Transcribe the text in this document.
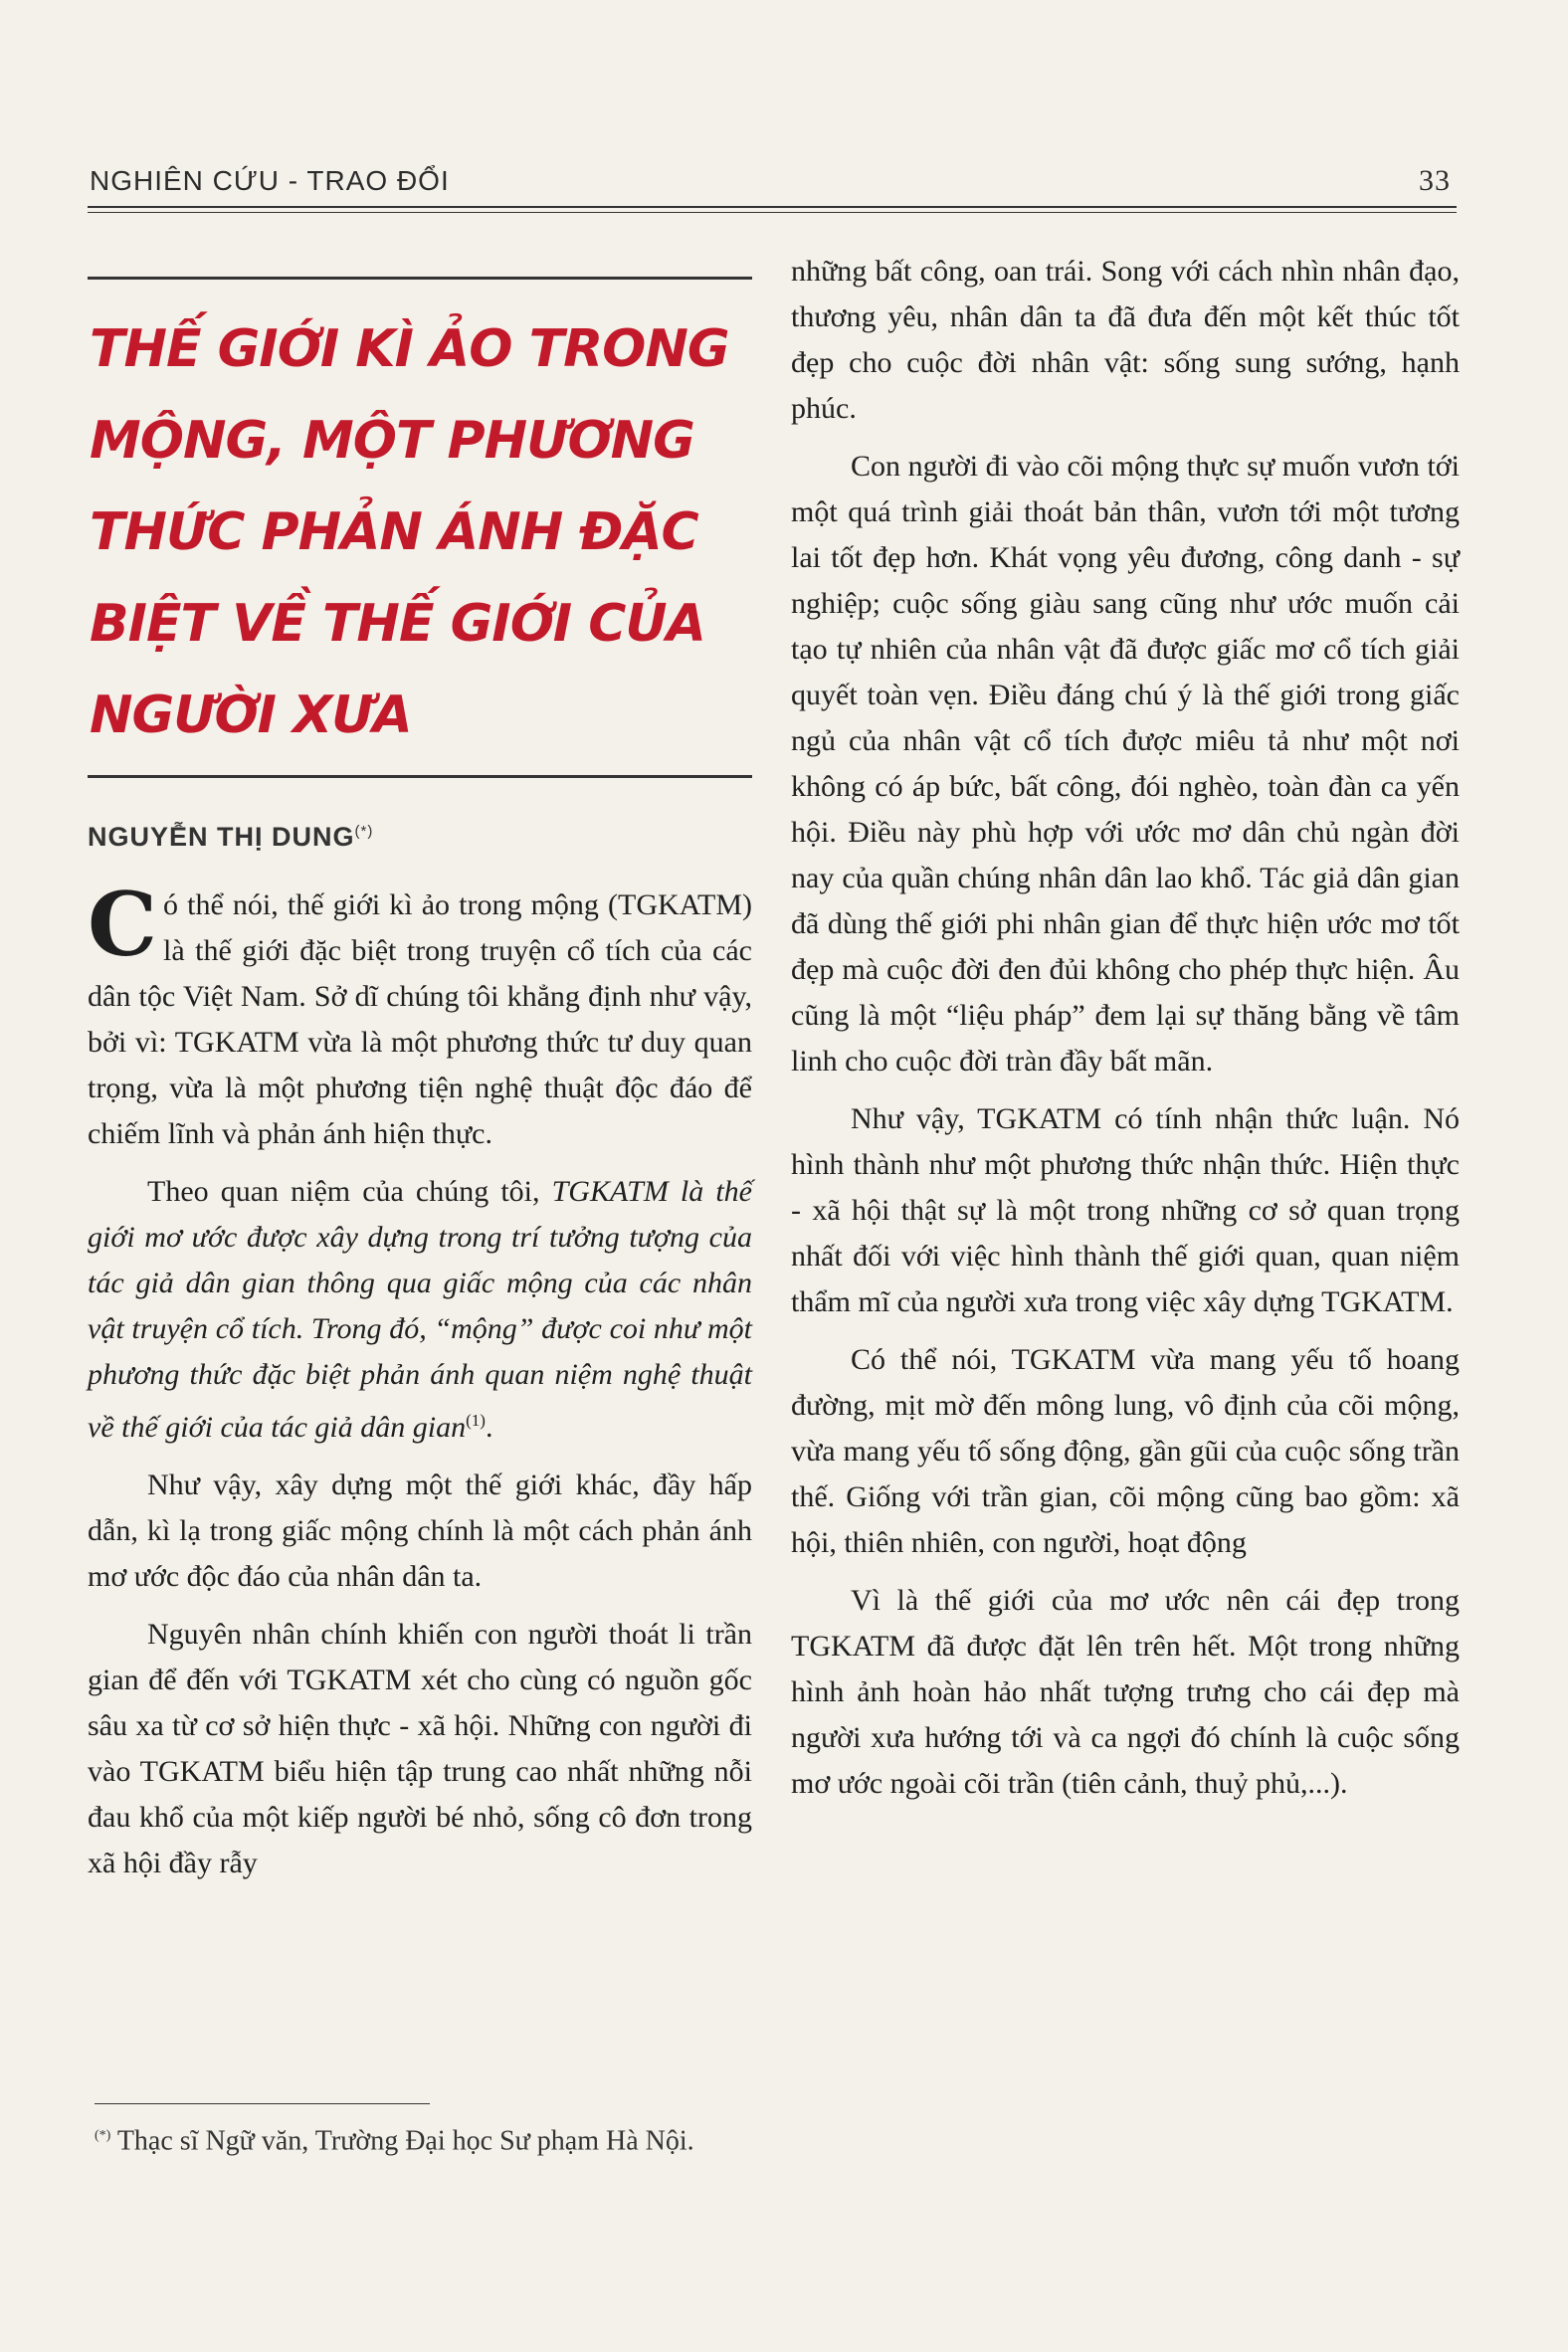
NGHIÊN CỨU - TRAO ĐỔI	33
THẾ GIỚI KÌ ẢO TRONG MỘNG, MỘT PHƯƠNG THỨC PHẢN ÁNH ĐẶC BIỆT VỀ THẾ GIỚI CỦA NGƯỜI XƯA
NGUYỄN THỊ DUNG(*)

Có thể nói, thế giới kì ảo trong mộng (TGKATM) là thế giới đặc biệt trong truyện cổ tích của các dân tộc Việt Nam. Sở dĩ chúng tôi khẳng định như vậy, bởi vì: TGKATM vừa là một phương thức tư duy quan trọng, vừa là một phương tiện nghệ thuật độc đáo để chiếm lĩnh và phản ánh hiện thực.

Theo quan niệm của chúng tôi, TGKATM là thế giới mơ ước được xây dựng trong trí tưởng tượng của tác giả dân gian thông qua giấc mộng của các nhân vật truyện cổ tích. Trong đó, “mộng” được coi như một phương thức đặc biệt phản ánh quan niệm nghệ thuật về thế giới của tác giả dân gian$^{(1)}$.

Như vậy, xây dựng một thế giới khác, đầy hấp dẫn, kì lạ trong giấc mộng chính là một cách phản ánh mơ ước độc đáo của nhân dân ta.

Nguyên nhân chính khiến con người thoát li trần gian để đến với TGKATM xét cho cùng có nguồn gốc sâu xa từ cơ sở hiện thực - xã hội. Những con người đi vào TGKATM biểu hiện tập trung cao nhất những nỗi đau khổ của một kiếp người bé nhỏ, sống cô đơn trong xã hội đầy rẫy

những bất công, oan trái. Song với cách nhìn nhân đạo, thương yêu, nhân dân ta đã đưa đến một kết thúc tốt đẹp cho cuộc đời nhân vật: sống sung sướng, hạnh phúc.

Con người đi vào cõi mộng thực sự muốn vươn tới một quá trình giải thoát bản thân, vươn tới một tương lai tốt đẹp hơn. Khát vọng yêu đương, công danh - sự nghiệp; cuộc sống giàu sang cũng như ước muốn cải tạo tự nhiên của nhân vật đã được giấc mơ cổ tích giải quyết toàn vẹn. Điều đáng chú ý là thế giới trong giấc ngủ của nhân vật cổ tích được miêu tả như một nơi không có áp bức, bất công, đói nghèo, toàn đàn ca yến hội. Điều này phù hợp với ước mơ dân chủ ngàn đời nay của quần chúng nhân dân lao khổ. Tác giả dân gian đã dùng thế giới phi nhân gian để thực hiện ước mơ tốt đẹp mà cuộc đời đen đủi không cho phép thực hiện. Âu cũng là một “liệu pháp” đem lại sự thăng bằng về tâm linh cho cuộc đời tràn đầy bất mãn.

Như vậy, TGKATM có tính nhận thức luận. Nó hình thành như một phương thức nhận thức. Hiện thực - xã hội thật sự là một trong những cơ sở quan trọng nhất đối với việc hình thành thế giới quan, quan niệm thẩm mĩ của người xưa trong việc xây dựng TGKATM.

Có thể nói, TGKATM vừa mang yếu tố hoang đường, mịt mờ đến mông lung, vô định của cõi mộng, vừa mang yếu tố sống động, gần gũi của cuộc sống trần thế. Giống với trần gian, cõi mộng cũng bao gồm: xã hội, thiên nhiên, con người, hoạt động

Vì là thế giới của mơ ước nên cái đẹp trong TGKATM đã được đặt lên trên hết. Một trong những hình ảnh hoàn hảo nhất tượng trưng cho cái đẹp mà người xưa hướng tới và ca ngợi đó chính là cuộc sống mơ ước ngoài cõi trần (tiên cảnh, thuỷ phủ,...).

(*) Thạc sĩ Ngữ văn, Trường Đại học Sư phạm Hà Nội.
